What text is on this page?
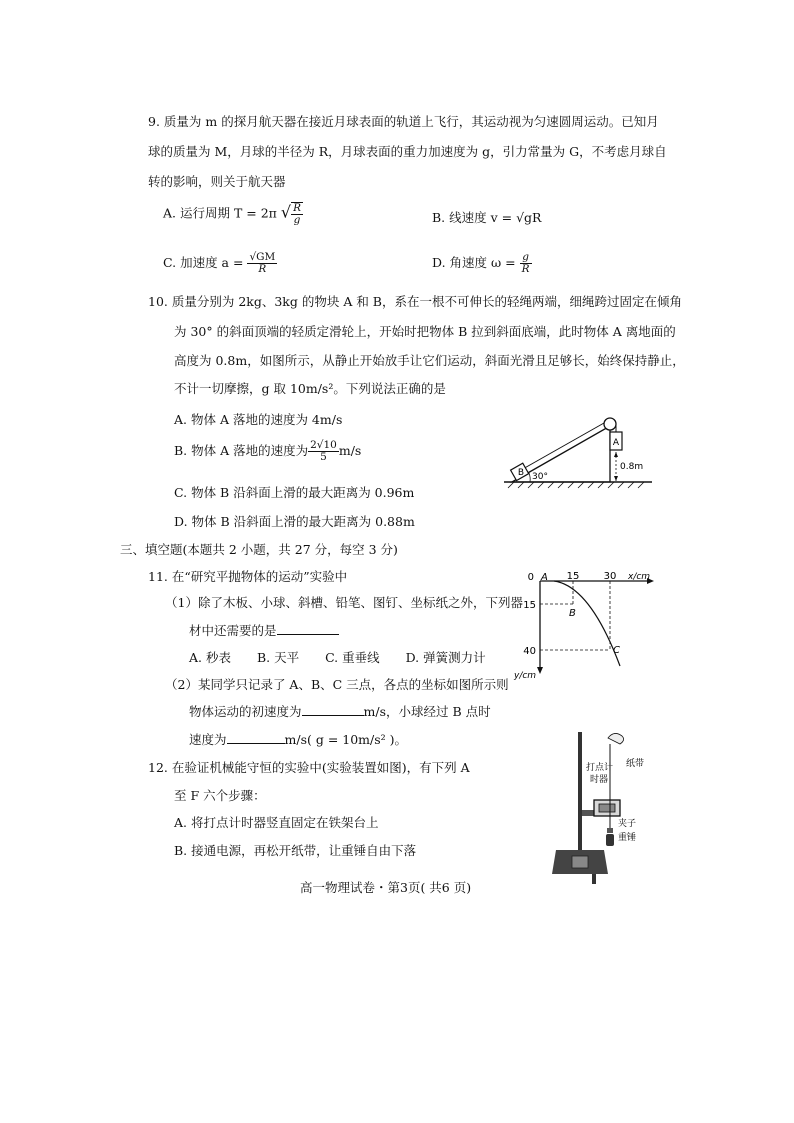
9. 质量为 m 的探月航天器在接近月球表面的轨道上飞行，其运动视为匀速圆周运动。已知月
球的质量为 M，月球的半径为 R，月球表面的重力加速度为 g，引力常量为 G，不考虑月球自
转的影响，则关于航天器
A. 运行周期 T = 2π √ $\frac{R}{g}$	B. 线速度 v = √gR
C. 加速度 $a = \frac{√GM}{R}$	D. 角速度 $\omega = \frac{g}{R}$
10. 质量分别为 2kg、3kg 的物块 A 和 B，系在一根不可伸长的轻绳两端，细绳跨过固定在倾角
为 30° 的斜面顶端的轻质定滑轮上，开始时把物体 B 拉到斜面底端，此时物体 A 离地面的
高度为 0.8m，如图所示，从静止开始放手让它们运动，斜面光滑且足够长，始终保持静止，
不计一切摩擦，g 取 10m/s²。下列说法正确的是
A. 物体 A 落地的速度为 4m/s
B. 物体 A 落地的速度为 $\frac{2√10}{5} m/s$
C. 物体 B 沿斜面上滑的最大距离为 0.96m
D. 物体 B 沿斜面上滑的最大距离为 0.88m
A
B 30°
0.8m
三、填空题(本题共 2 小题，共 27 分，每空 3 分)
11. 在“研究平抛物体的运动”实验中
（1）除了木板、小球、斜槽、铅笔、图钉、坐标纸之外，下列器
材中还需要的是
A. 秒表 B. 天平 C. 重垂线 D. 弹簧测力计
（2）某同学只记录了 A、B、C 三点，各点的坐标如图所示则
物体运动的初速度为	m/s，小球经过 B 点时
速度为	m/s( g = 10m/s² )。
0 A 15 30 x/cm
15
40
y/cm
B
C
12. 在验证机械能守恒的实验中(实验装置如图)，有下列 A
至 F 六个步骤：
A. 将打点计时器竖直固定在铁架台上
B. 接通电源，再松开纸带，让重锤自由下落
打点计
时器
纸带
夹子
重锤
高一物理试卷・第3页( 共6 页)
